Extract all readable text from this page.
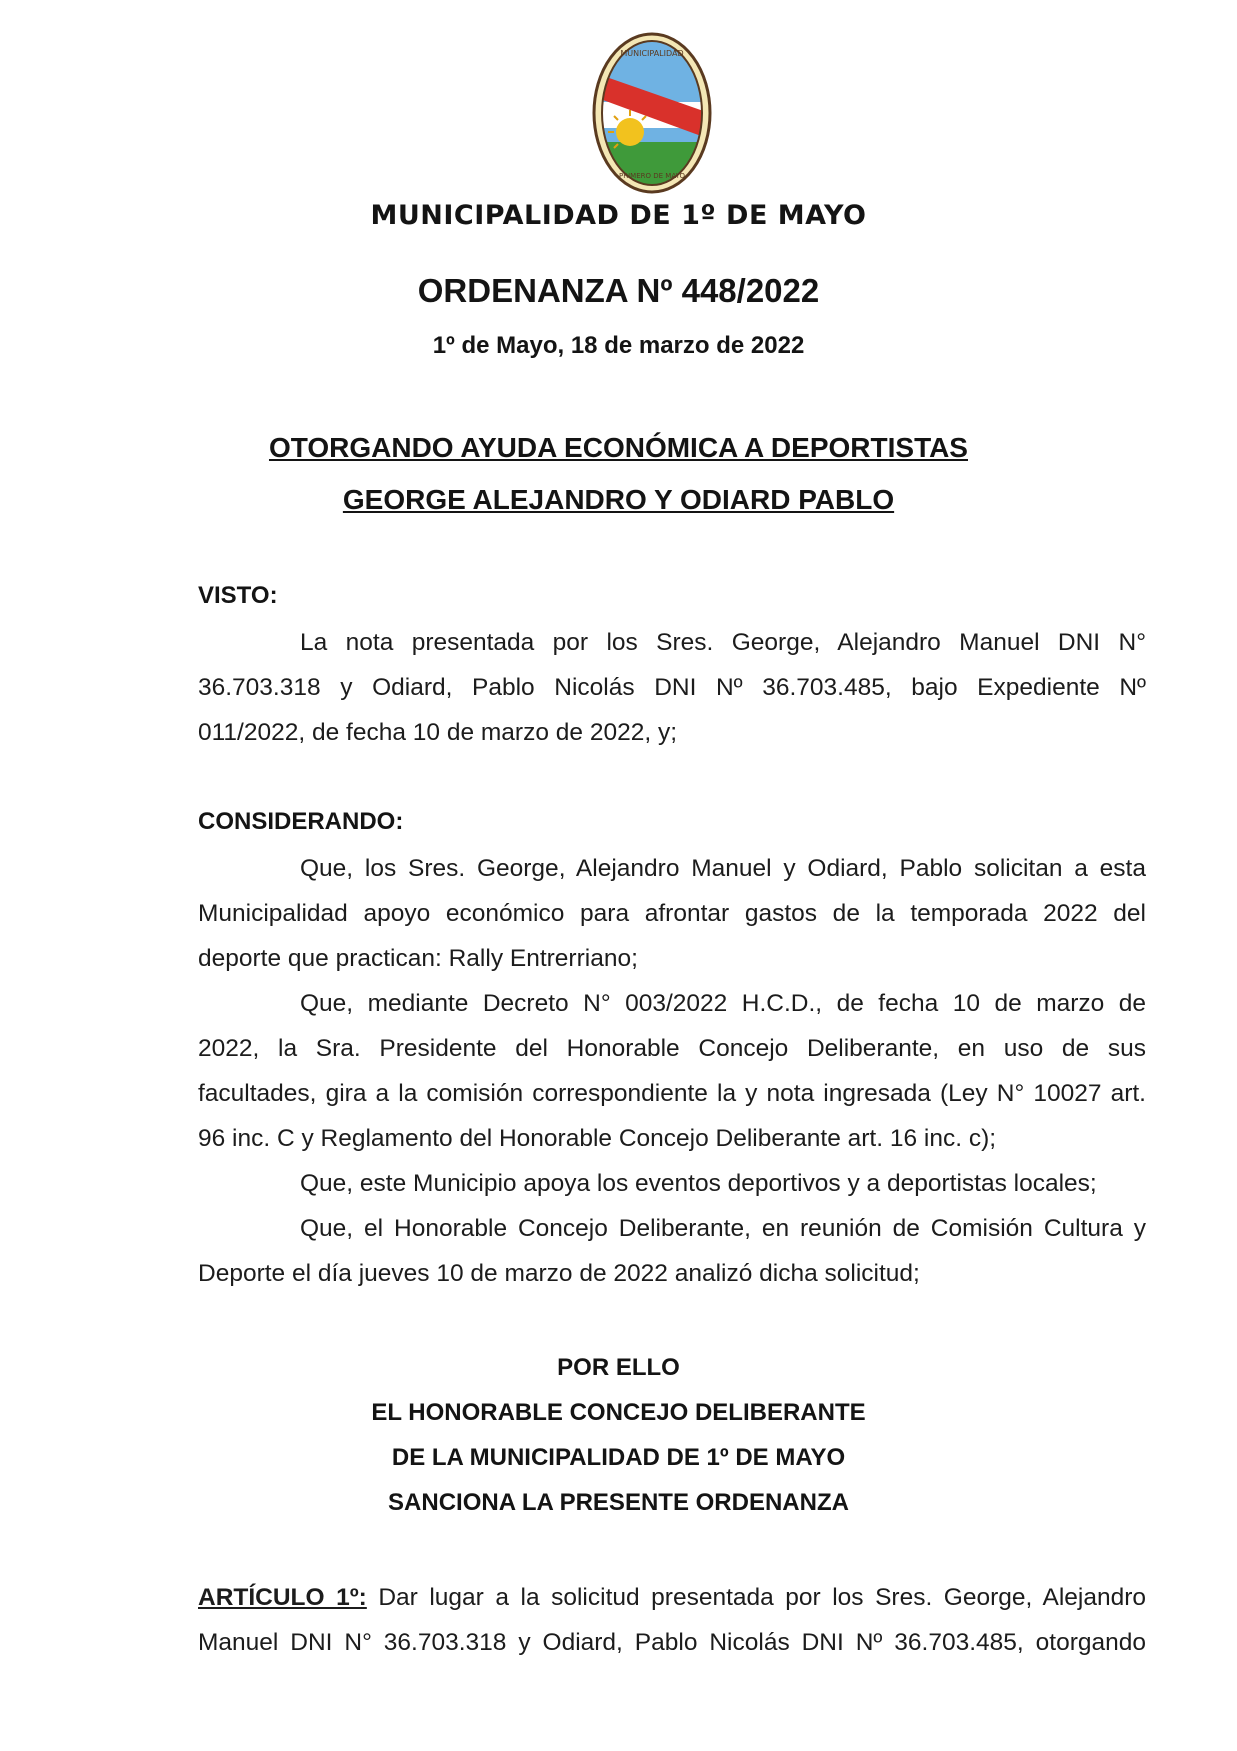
MUNICIPALIDAD
PRIMERO DE MAYO
MUNICIPALIDAD DE 1º DE MAYO
ORDENANZA Nº 448/2022
1º de Mayo, 18 de marzo de 2022
OTORGANDO AYUDA ECONÓMICA A DEPORTISTAS
GEORGE ALEJANDRO Y ODIARD PABLO
VISTO:
La nota presentada por los Sres. George, Alejandro Manuel DNI N°
36.703.318 y Odiard, Pablo Nicolás DNI Nº 36.703.485, bajo Expediente Nº
011/2022, de fecha 10 de marzo de 2022, y;
CONSIDERANDO:
Que, los Sres. George, Alejandro Manuel y Odiard, Pablo solicitan a esta
Municipalidad apoyo económico para afrontar gastos de la temporada 2022 del
deporte que practican: Rally Entrerriano;
Que, mediante Decreto N° 003/2022 H.C.D., de fecha 10 de marzo de
2022, la Sra. Presidente del Honorable Concejo Deliberante, en uso de sus
facultades, gira a la comisión correspondiente la y nota ingresada (Ley N° 10027 art.
96 inc. C y Reglamento del Honorable Concejo Deliberante art. 16 inc. c);
Que, este Municipio apoya los eventos deportivos y a deportistas locales;
Que, el Honorable Concejo Deliberante, en reunión de Comisión Cultura y
Deporte el día jueves 10 de marzo de 2022 analizó dicha solicitud;
POR ELLO
EL HONORABLE CONCEJO DELIBERANTE
DE LA MUNICIPALIDAD DE 1º DE MAYO
SANCIONA LA PRESENTE ORDENANZA
ARTÍCULO 1º: Dar lugar a la solicitud presentada por los Sres. George, Alejandro
Manuel DNI N° 36.703.318 y Odiard, Pablo Nicolás DNI Nº 36.703.485, otorgando
